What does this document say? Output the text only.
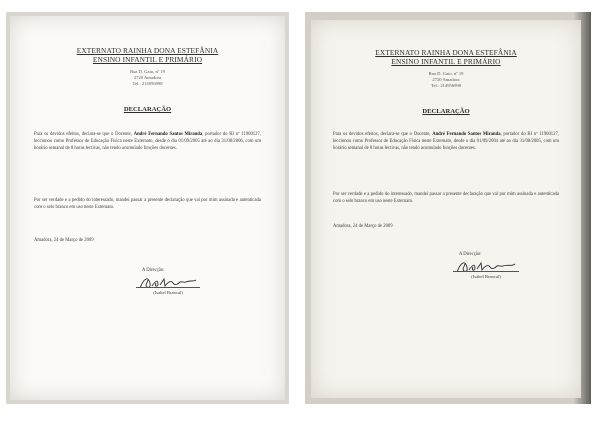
EXTERNATO RAINHA DONA ESTEFÂNIA
ENSINO INFANTIL E PRIMÁRIO
Rua D. Gaio, nº 19
2720 Amadora
Tel.: 214956998
DECLARAÇÃO
Para os devidos efeitos, declara-se que o Docente, André Fernando Santos Miranda, portador do BI nº 11900127, leccionou como Professor de Educação Física neste Externato, desde o dia 01/09/2005 até ao dia 31/08/2006, com um horário semanal de 8 horas lectivas, não tendo acumulado funções docentes.
Por ser verdade e a pedido do interessado, mandei passar a presente declaração que vai por mim assinada e autenticada com o selo branco em uso neste Externato.
Amadora, 24 de Março de 2009
A Direcção:
(Isabel Brancal)
EXTERNATO RAINHA DONA ESTEFÂNIA
ENSINO INFANTIL E PRIMÁRIO
Rua D. Gaio, nº 19
2720 Amadora
Tel.: 214956998
DECLARAÇÃO
Para os devidos efeitos, declara-se que o Docente, André Fernando Santos Miranda, portador do BI nº 11900127, leccionou como Professor de Educação Física neste Externato, desde o dia 01/09/2004 até ao dia 31/08/2005, com um horário semanal de 8 horas lectivas, não tendo acumulado funções docentes.
Por ser verdade e a pedido do interessado, mandei passar a presente declaração que vai por mim assinada e autenticada com o selo branco em uso neste Externato.
Amadora, 24 de Março de 2009
A Direcção:
(Isabel Brancal)
